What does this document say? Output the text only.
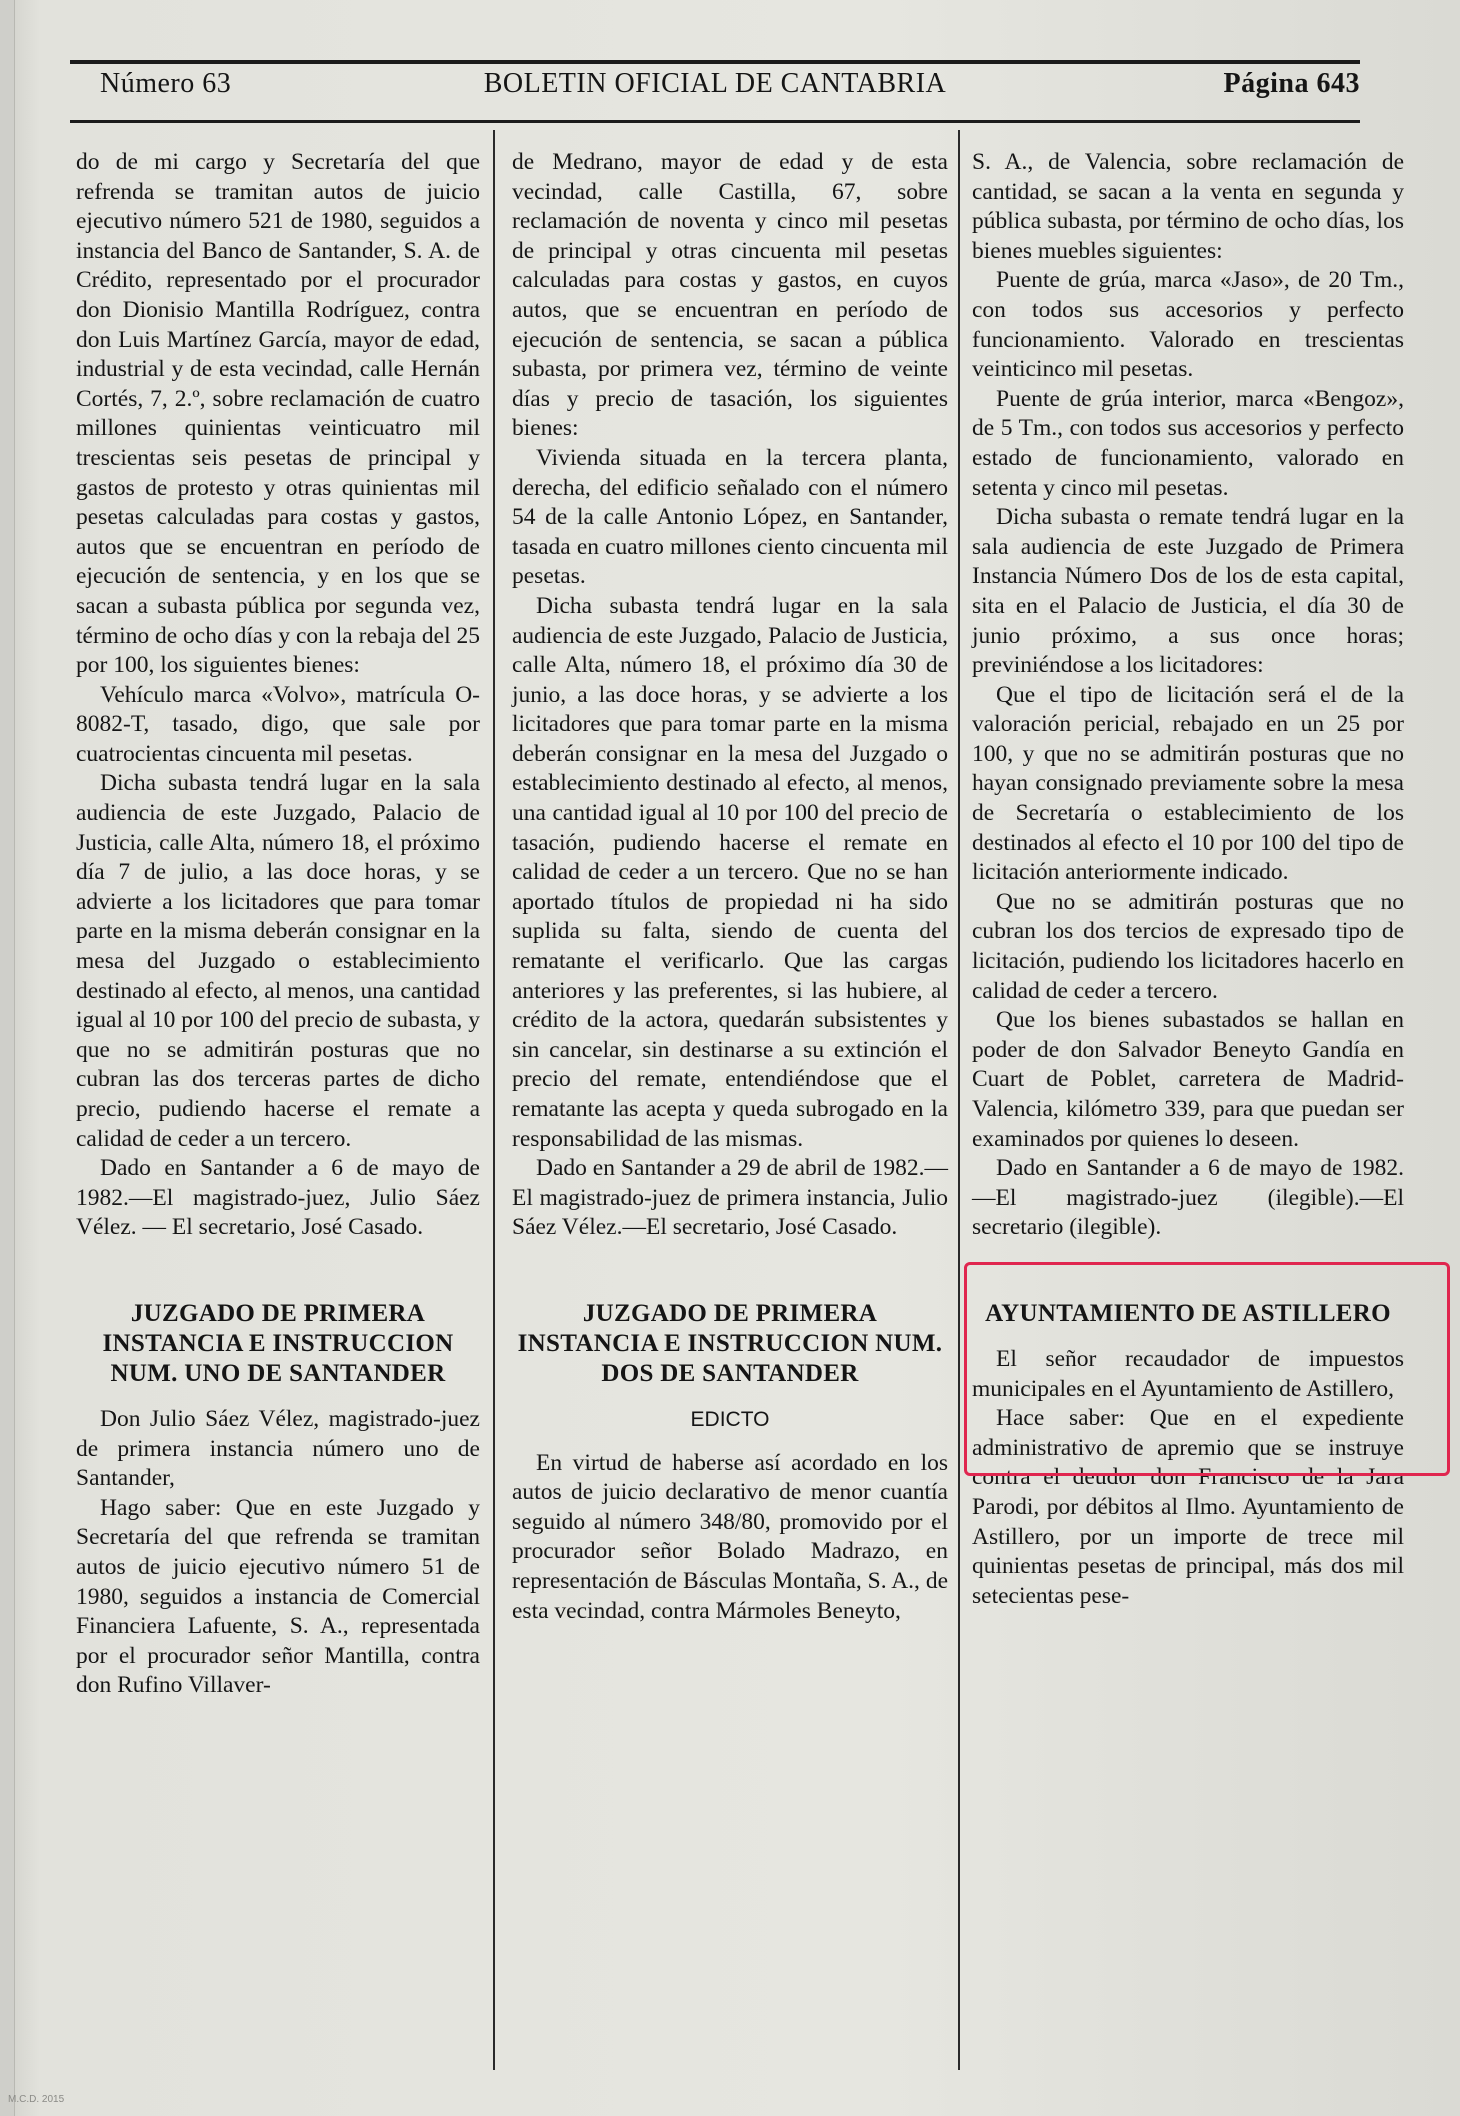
Número 63	BOLETIN OFICIAL DE CANTABRIA	Página 643

do de mi cargo y Secretaría del que refrenda se tramitan autos de juicio ejecutivo número 521 de 1980, seguidos a instancia del Banco de Santander, S. A. de Crédito, representado por el procurador don Dionisio Mantilla Rodríguez, contra don Luis Martínez García, mayor de edad, industrial y de esta vecindad, calle Hernán Cortés, 7, 2.º, sobre reclamación de cuatro millones quinientas veinticuatro mil trescientas seis pesetas de principal y gastos de protesto y otras quinientas mil pesetas calculadas para costas y gastos, autos que se encuentran en período de ejecución de sentencia, y en los que se sacan a subasta pública por segunda vez, término de ocho días y con la rebaja del 25 por 100, los siguientes bienes:

Vehículo marca «Volvo», matrícula O-8082-T, tasado, digo, que sale por cuatrocientas cincuenta mil pesetas.

Dicha subasta tendrá lugar en la sala audiencia de este Juzgado, Palacio de Justicia, calle Alta, número 18, el próximo día 7 de julio, a las doce horas, y se advierte a los licitadores que para tomar parte en la misma deberán consignar en la mesa del Juzgado o establecimiento destinado al efecto, al menos, una cantidad igual al 10 por 100 del precio de subasta, y que no se admitirán posturas que no cubran las dos terceras partes de dicho precio, pudiendo hacerse el remate a calidad de ceder a un tercero.

Dado en Santander a 6 de mayo de 1982.—El magistrado-juez, Julio Sáez Vélez. — El secretario, José Casado.

JUZGADO DE PRIMERA INSTANCIA E INSTRUCCION NUM. UNO DE SANTANDER

Don Julio Sáez Vélez, magistrado-juez de primera instancia número uno de Santander,

Hago saber: Que en este Juzgado y Secretaría del que refrenda se tramitan autos de juicio ejecutivo número 51 de 1980, seguidos a instancia de Comercial Financiera Lafuente, S. A., representada por el procurador señor Mantilla, contra don Rufino Villaver-

de Medrano, mayor de edad y de esta vecindad, calle Castilla, 67, sobre reclamación de noventa y cinco mil pesetas de principal y otras cincuenta mil pesetas calculadas para costas y gastos, en cuyos autos, que se encuentran en período de ejecución de sentencia, se sacan a pública subasta, por primera vez, término de veinte días y precio de tasación, los siguientes bienes:

Vivienda situada en la tercera planta, derecha, del edificio señalado con el número 54 de la calle Antonio López, en Santander, tasada en cuatro millones ciento cincuenta mil pesetas.

Dicha subasta tendrá lugar en la sala audiencia de este Juzgado, Palacio de Justicia, calle Alta, número 18, el próximo día 30 de junio, a las doce horas, y se advierte a los licitadores que para tomar parte en la misma deberán consignar en la mesa del Juzgado o establecimiento destinado al efecto, al menos, una cantidad igual al 10 por 100 del precio de tasación, pudiendo hacerse el remate en calidad de ceder a un tercero. Que no se han aportado títulos de propiedad ni ha sido suplida su falta, siendo de cuenta del rematante el verificarlo. Que las cargas anteriores y las preferentes, si las hubiere, al crédito de la actora, quedarán subsistentes y sin cancelar, sin destinarse a su extinción el precio del remate, entendiéndose que el rematante las acepta y queda subrogado en la responsabilidad de las mismas.

Dado en Santander a 29 de abril de 1982.—El magistrado-juez de primera instancia, Julio Sáez Vélez.—El secretario, José Casado.

JUZGADO DE PRIMERA INSTANCIA E INSTRUCCION NUM. DOS DE SANTANDER

EDICTO

En virtud de haberse así acordado en los autos de juicio declarativo de menor cuantía seguido al número 348/80, promovido por el procurador señor Bolado Madrazo, en representación de Básculas Montaña, S. A., de esta vecindad, contra Mármoles Beneyto,

S. A., de Valencia, sobre reclamación de cantidad, se sacan a la venta en segunda y pública subasta, por término de ocho días, los bienes muebles siguientes:

Puente de grúa, marca «Jaso», de 20 Tm., con todos sus accesorios y perfecto funcionamiento. Valorado en trescientas veinticinco mil pesetas.

Puente de grúa interior, marca «Bengoz», de 5 Tm., con todos sus accesorios y perfecto estado de funcionamiento, valorado en setenta y cinco mil pesetas.

Dicha subasta o remate tendrá lugar en la sala audiencia de este Juzgado de Primera Instancia Número Dos de los de esta capital, sita en el Palacio de Justicia, el día 30 de junio próximo, a sus once horas; previniéndose a los licitadores:

Que el tipo de licitación será el de la valoración pericial, rebajado en un 25 por 100, y que no se admitirán posturas que no hayan consignado previamente sobre la mesa de Secretaría o establecimiento de los destinados al efecto el 10 por 100 del tipo de licitación anteriormente indicado.

Que no se admitirán posturas que no cubran los dos tercios de expresado tipo de licitación, pudiendo los licitadores hacerlo en calidad de ceder a tercero.

Que los bienes subastados se hallan en poder de don Salvador Beneyto Gandía en Cuart de Poblet, carretera de Madrid-Valencia, kilómetro 339, para que puedan ser examinados por quienes lo deseen.

Dado en Santander a 6 de mayo de 1982.—El magistrado-juez (ilegible).—El secretario (ilegible).

AYUNTAMIENTO DE ASTILLERO

El señor recaudador de impuestos municipales en el Ayuntamiento de Astillero,

Hace saber: Que en el expediente administrativo de apremio que se instruye contra el deudor don Francisco de la Jara Parodi, por débitos al Ilmo. Ayuntamiento de Astillero, por un importe de trece mil quinientas pesetas de principal, más dos mil setecientas pese-

M.C.D. 2015
